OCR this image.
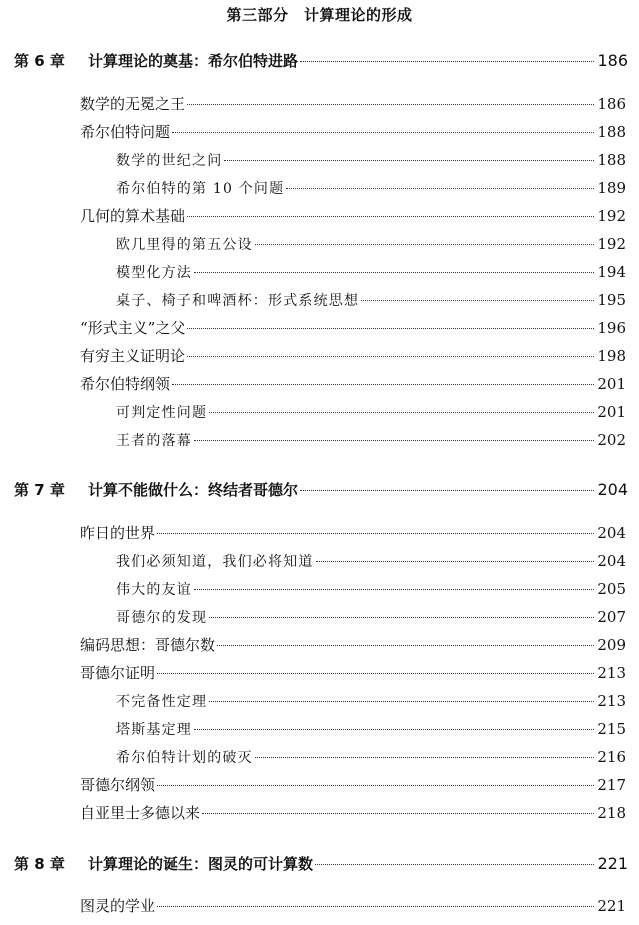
第三部分　计算理论的形成
第 6 章	计算理论的奠基：希尔伯特进路	186
数学的无冕之王	186
希尔伯特问题	188
数学的世纪之问	188
希尔伯特的第 10 个问题	189
几何的算术基础	192
欧几里得的第五公设	192
模型化方法	194
桌子、椅子和啤酒杯：形式系统思想	195
“形式主义”之父	196
有穷主义证明论	198
希尔伯特纲领	201
可判定性问题	201
王者的落幕	202
第 7 章	计算不能做什么：终结者哥德尔	204
昨日的世界	204
我们必须知道，我们必将知道	204
伟大的友谊	205
哥德尔的发现	207
编码思想：哥德尔数	209
哥德尔证明	213
不完备性定理	213
塔斯基定理	215
希尔伯特计划的破灭	216
哥德尔纲领	217
自亚里士多德以来	218
第 8 章	计算理论的诞生：图灵的可计算数	221
图灵的学业	221
